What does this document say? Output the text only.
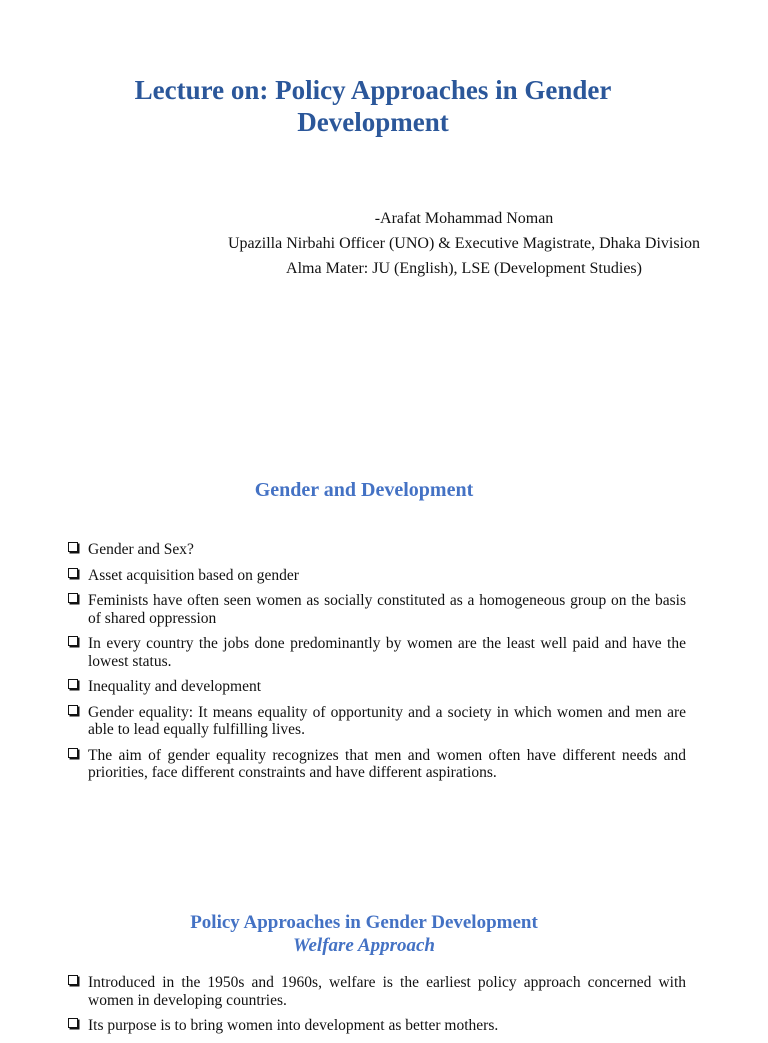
Lecture on: Policy Approaches in Gender Development
-Arafat Mohammad Noman
Upazilla Nirbahi Officer (UNO) & Executive Magistrate, Dhaka Division
Alma Mater: JU (English), LSE (Development Studies)
Gender and Development
Gender and Sex?
Asset acquisition based on gender
Feminists have often seen women as socially constituted as a homogeneous group on the basis of shared oppression
In every country the jobs done predominantly by women are the least well paid and have the lowest status.
Inequality and development
Gender equality: It means equality of opportunity and a society in which women and men are able to lead equally fulfilling lives.
The aim of gender equality recognizes that men and women often have different needs and priorities, face different constraints and have different aspirations.
Policy Approaches in Gender Development
Welfare Approach
Introduced in the 1950s and 1960s, welfare is the earliest policy approach concerned with women in developing countries.
Its purpose is to bring women into development as better mothers.
